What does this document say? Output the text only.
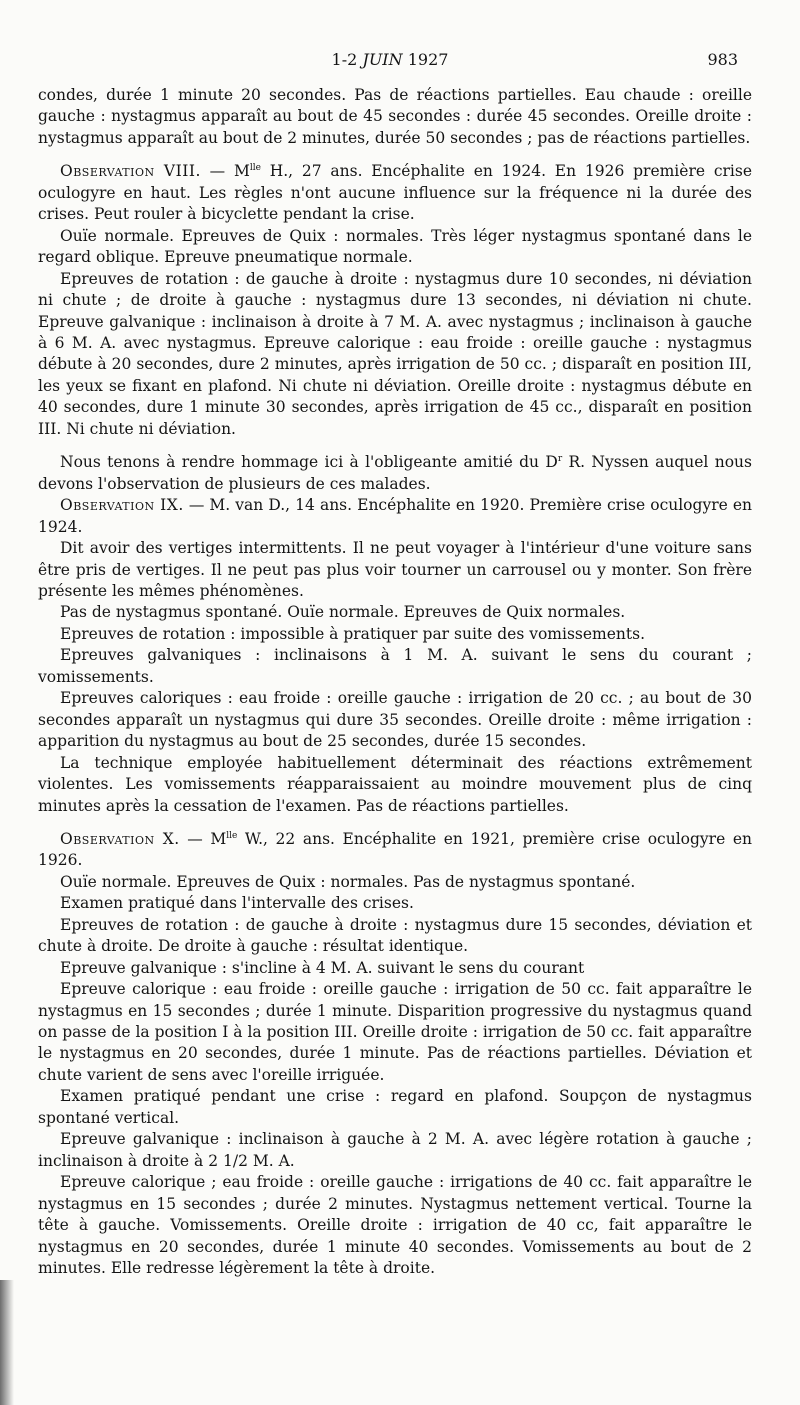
1-2 JUIN 1927	983

condes, durée 1 minute 20 secondes. Pas de réactions partielles. Eau chaude : oreille gauche : nystagmus apparaît au bout de 45 secondes : durée 45 secondes. Oreille droite : nystagmus apparaît au bout de 2 minutes, durée 50 secondes ; pas de réactions partielles.

Observation VIII. — $M^{lle}$ H., 27 ans. Encéphalite en 1924. En 1926 première crise oculogyre en haut. Les règles n'ont aucune influence sur la fréquence ni la durée des crises. Peut rouler à bicyclette pendant la crise.

Ouïe normale. Epreuves de Quix : normales. Très léger nystagmus spontané dans le regard oblique. Epreuve pneumatique normale.

Epreuves de rotation : de gauche à droite : nystagmus dure 10 secondes, ni déviation ni chute ; de droite à gauche : nystagmus dure 13 secondes, ni déviation ni chute. Epreuve galvanique : inclinaison à droite à 7 M. A. avec nystagmus ; inclinaison à gauche à 6 M. A. avec nystagmus. Epreuve calorique : eau froide : oreille gauche : nystagmus débute à 20 secondes, dure 2 minutes, après irrigation de 50 cc. ; disparaît en position III, les yeux se fixant en plafond. Ni chute ni déviation. Oreille droite : nystagmus débute en 40 secondes, dure 1 minute 30 secondes, après irrigation de 45 cc., disparaît en position III. Ni chute ni déviation.

Nous tenons à rendre hommage ici à l'obligeante amitié du $D^r$ R. Nyssen auquel nous devons l'observation de plusieurs de ces malades.

Observation IX. — M. van D., 14 ans. Encéphalite en 1920. Première crise oculogyre en 1924.

Dit avoir des vertiges intermittents. Il ne peut voyager à l'intérieur d'une voiture sans être pris de vertiges. Il ne peut pas plus voir tourner un carrousel ou y monter. Son frère présente les mêmes phénomènes.

Pas de nystagmus spontané. Ouïe normale. Epreuves de Quix normales.

Epreuves de rotation : impossible à pratiquer par suite des vomissements.

Epreuves galvaniques : inclinaisons à 1 M. A. suivant le sens du courant ; vomissements.

Epreuves caloriques : eau froide : oreille gauche : irrigation de 20 cc. ; au bout de 30 secondes apparaît un nystagmus qui dure 35 secondes. Oreille droite : même irrigation : apparition du nystagmus au bout de 25 secondes, durée 15 secondes.

La technique employée habituellement déterminait des réactions extrêmement violentes. Les vomissements réapparaissaient au moindre mouvement plus de cinq minutes après la cessation de l'examen. Pas de réactions partielles.

Observation X. — $M^{lle}$ W., 22 ans. Encéphalite en 1921, première crise oculogyre en 1926.

Ouïe normale. Epreuves de Quix : normales. Pas de nystagmus spontané.

Examen pratiqué dans l'intervalle des crises.

Epreuves de rotation : de gauche à droite : nystagmus dure 15 secondes, déviation et chute à droite. De droite à gauche : résultat identique.

Epreuve galvanique : s'incline à 4 M. A. suivant le sens du courant

Epreuve calorique : eau froide : oreille gauche : irrigation de 50 cc. fait apparaître le nystagmus en 15 secondes ; durée 1 minute. Disparition progressive du nystagmus quand on passe de la position I à la position III. Oreille droite : irrigation de 50 cc. fait apparaître le nystagmus en 20 secondes, durée 1 minute. Pas de réactions partielles. Déviation et chute varient de sens avec l'oreille irriguée.

Examen pratiqué pendant une crise : regard en plafond. Soupçon de nystagmus spontané vertical.

Epreuve galvanique : inclinaison à gauche à 2 M. A. avec légère rotation à gauche ; inclinaison à droite à 2 1/2 M. A.

Epreuve calorique ; eau froide : oreille gauche : irrigations de 40 cc. fait apparaître le nystagmus en 15 secondes ; durée 2 minutes. Nystagmus nettement vertical. Tourne la tête à gauche. Vomissements. Oreille droite : irrigation de 40 cc, fait apparaître le nystagmus en 20 secondes, durée 1 minute 40 secondes. Vomissements au bout de 2 minutes. Elle redresse légèrement la tête à droite.
